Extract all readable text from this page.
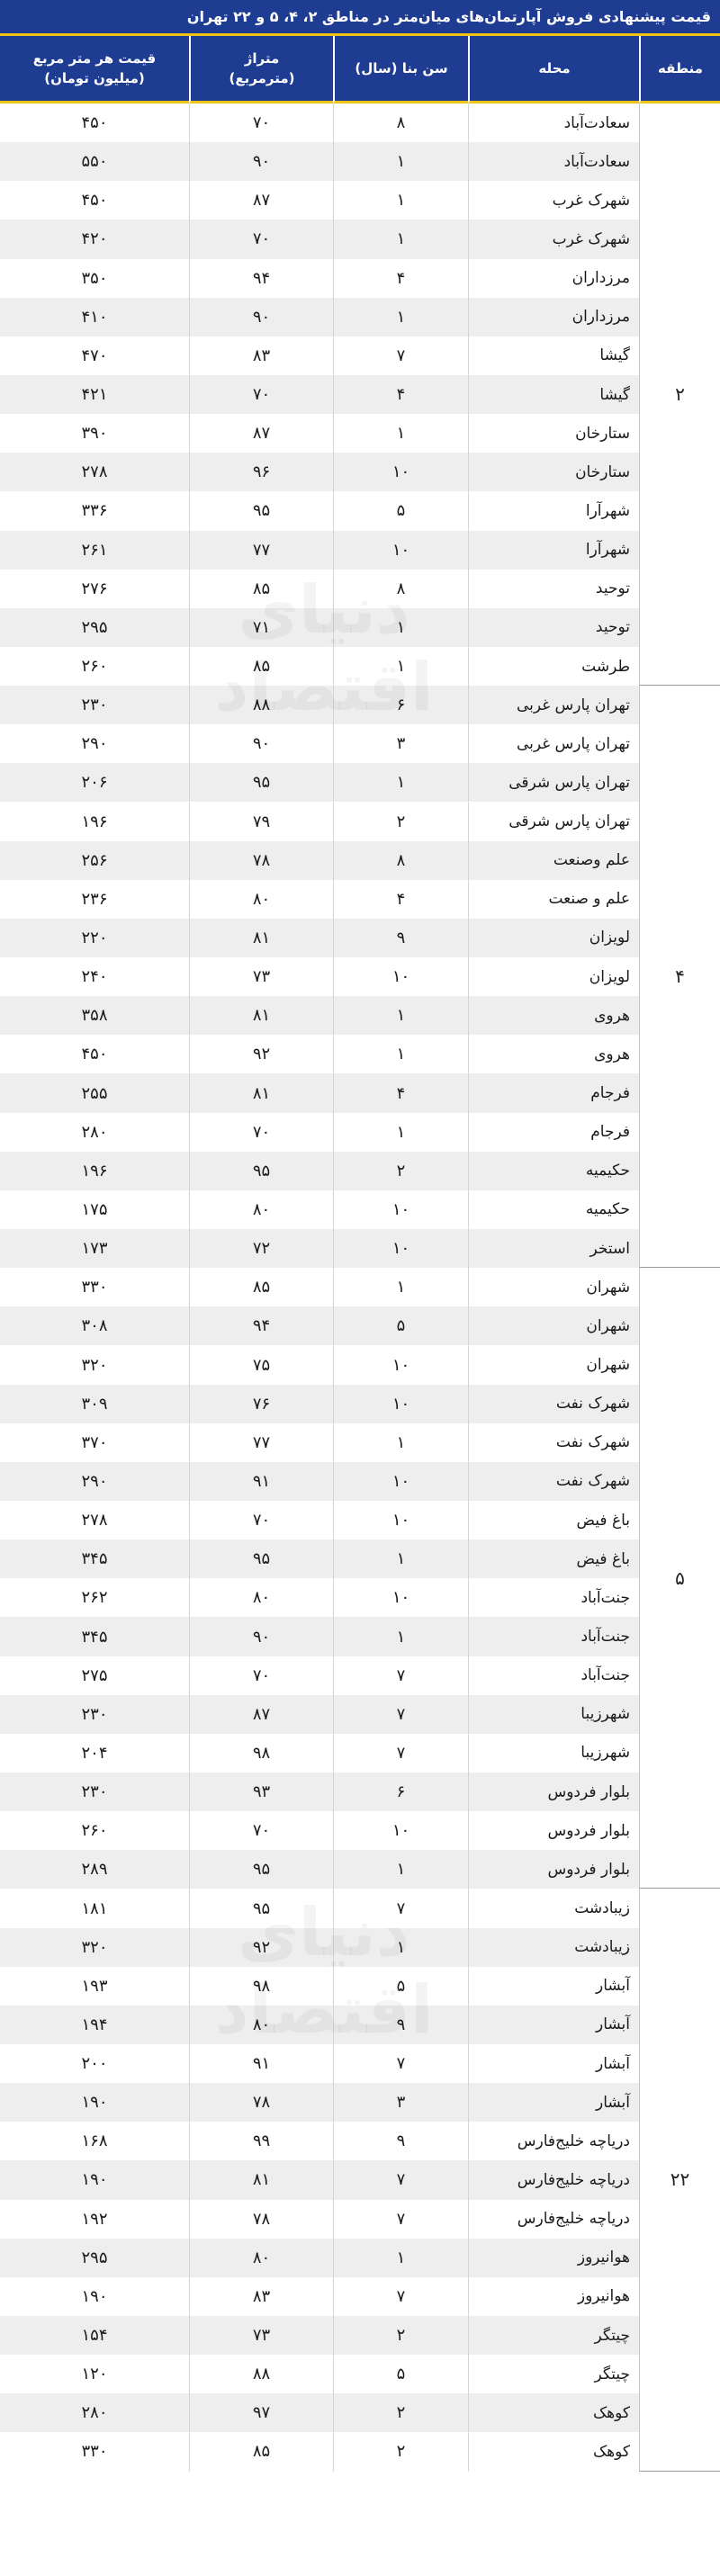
قیمت پیشنهادی فروش آپارتمان‌های میان‌متر در مناطق ۲، ۴، ۵ و ۲۲ تهران
منطقه
محله
سن بنا (سال)
متراژ (مترمربع)
قیمت هر متر مربع
(میلیون تومان)
۲
سعادت‌آباد
۸
۷۰
۴۵۰
سعادت‌آباد
۱
۹۰
۵۵۰
شهرک غرب
۱
۸۷
۴۵۰
شهرک غرب
۱
۷۰
۴۲۰
مرزداران
۴
۹۴
۳۵۰
مرزداران
۱
۹۰
۴۱۰
گیشا
۷
۸۳
۴۷۰
گیشا
۴
۷۰
۴۲۱
ستارخان
۱
۸۷
۳۹۰
ستارخان
۱۰
۹۶
۲۷۸
شهرآرا
۵
۹۵
۳۳۶
شهرآرا
۱۰
۷۷
۲۶۱
توحید
۸
۸۵
۲۷۶
توحید
۱
۷۱
۲۹۵
طرشت
۱
۸۵
۲۶۰
۴
تهران پارس غربی
۶
۸۸
۲۳۰
تهران پارس غربی
۳
۹۰
۲۹۰
تهران پارس شرقی
۱
۹۵
۲۰۶
تهران پارس شرقی
۲
۷۹
۱۹۶
علم وصنعت
۸
۷۸
۲۵۶
علم و صنعت
۴
۸۰
۲۳۶
لویزان
۹
۸۱
۲۲۰
لویزان
۱۰
۷۳
۲۴۰
هروی
۱
۸۱
۳۵۸
هروی
۱
۹۲
۴۵۰
فرجام
۴
۸۱
۲۵۵
فرجام
۱
۷۰
۲۸۰
حکیمیه
۲
۹۵
۱۹۶
حکیمیه
۱۰
۸۰
۱۷۵
استخر
۱۰
۷۲
۱۷۳
۵
شهران
۱
۸۵
۳۳۰
شهران
۵
۹۴
۳۰۸
شهران
۱۰
۷۵
۳۲۰
شهرک نفت
۱۰
۷۶
۳۰۹
شهرک نفت
۱
۷۷
۳۷۰
شهرک نفت
۱۰
۹۱
۲۹۰
باغ فیض
۱۰
۷۰
۲۷۸
باغ فیض
۱
۹۵
۳۴۵
جنت‌آباد
۱۰
۸۰
۲۶۲
جنت‌آباد
۱
۹۰
۳۴۵
جنت‌آباد
۷
۷۰
۲۷۵
شهرزیبا
۷
۸۷
۲۳۰
شهرزیبا
۷
۹۸
۲۰۴
بلوار فردوس
۶
۹۳
۲۳۰
بلوار فردوس
۱۰
۷۰
۲۶۰
بلوار فردوس
۱
۹۵
۲۸۹
۲۲
زیبادشت
۷
۹۵
۱۸۱
زیبادشت
۱
۹۲
۳۲۰
آبشار
۵
۹۸
۱۹۳
آبشار
۹
۸۰
۱۹۴
آبشار
۷
۹۱
۲۰۰
آبشار
۳
۷۸
۱۹۰
دریاچه خلیج‌فارس
۹
۹۹
۱۶۸
دریاچه خلیج‌فارس
۷
۸۱
۱۹۰
دریاچه خلیج‌فارس
۷
۷۸
۱۹۲
هوانیروز
۱
۸۰
۲۹۵
هوانیروز
۷
۸۳
۱۹۰
چیتگر
۲
۷۳
۱۵۴
چیتگر
۵
۸۸
۱۲۰
کوهک
۲
۹۷
۲۸۰
کوهک
۲
۸۵
۳۳۰
